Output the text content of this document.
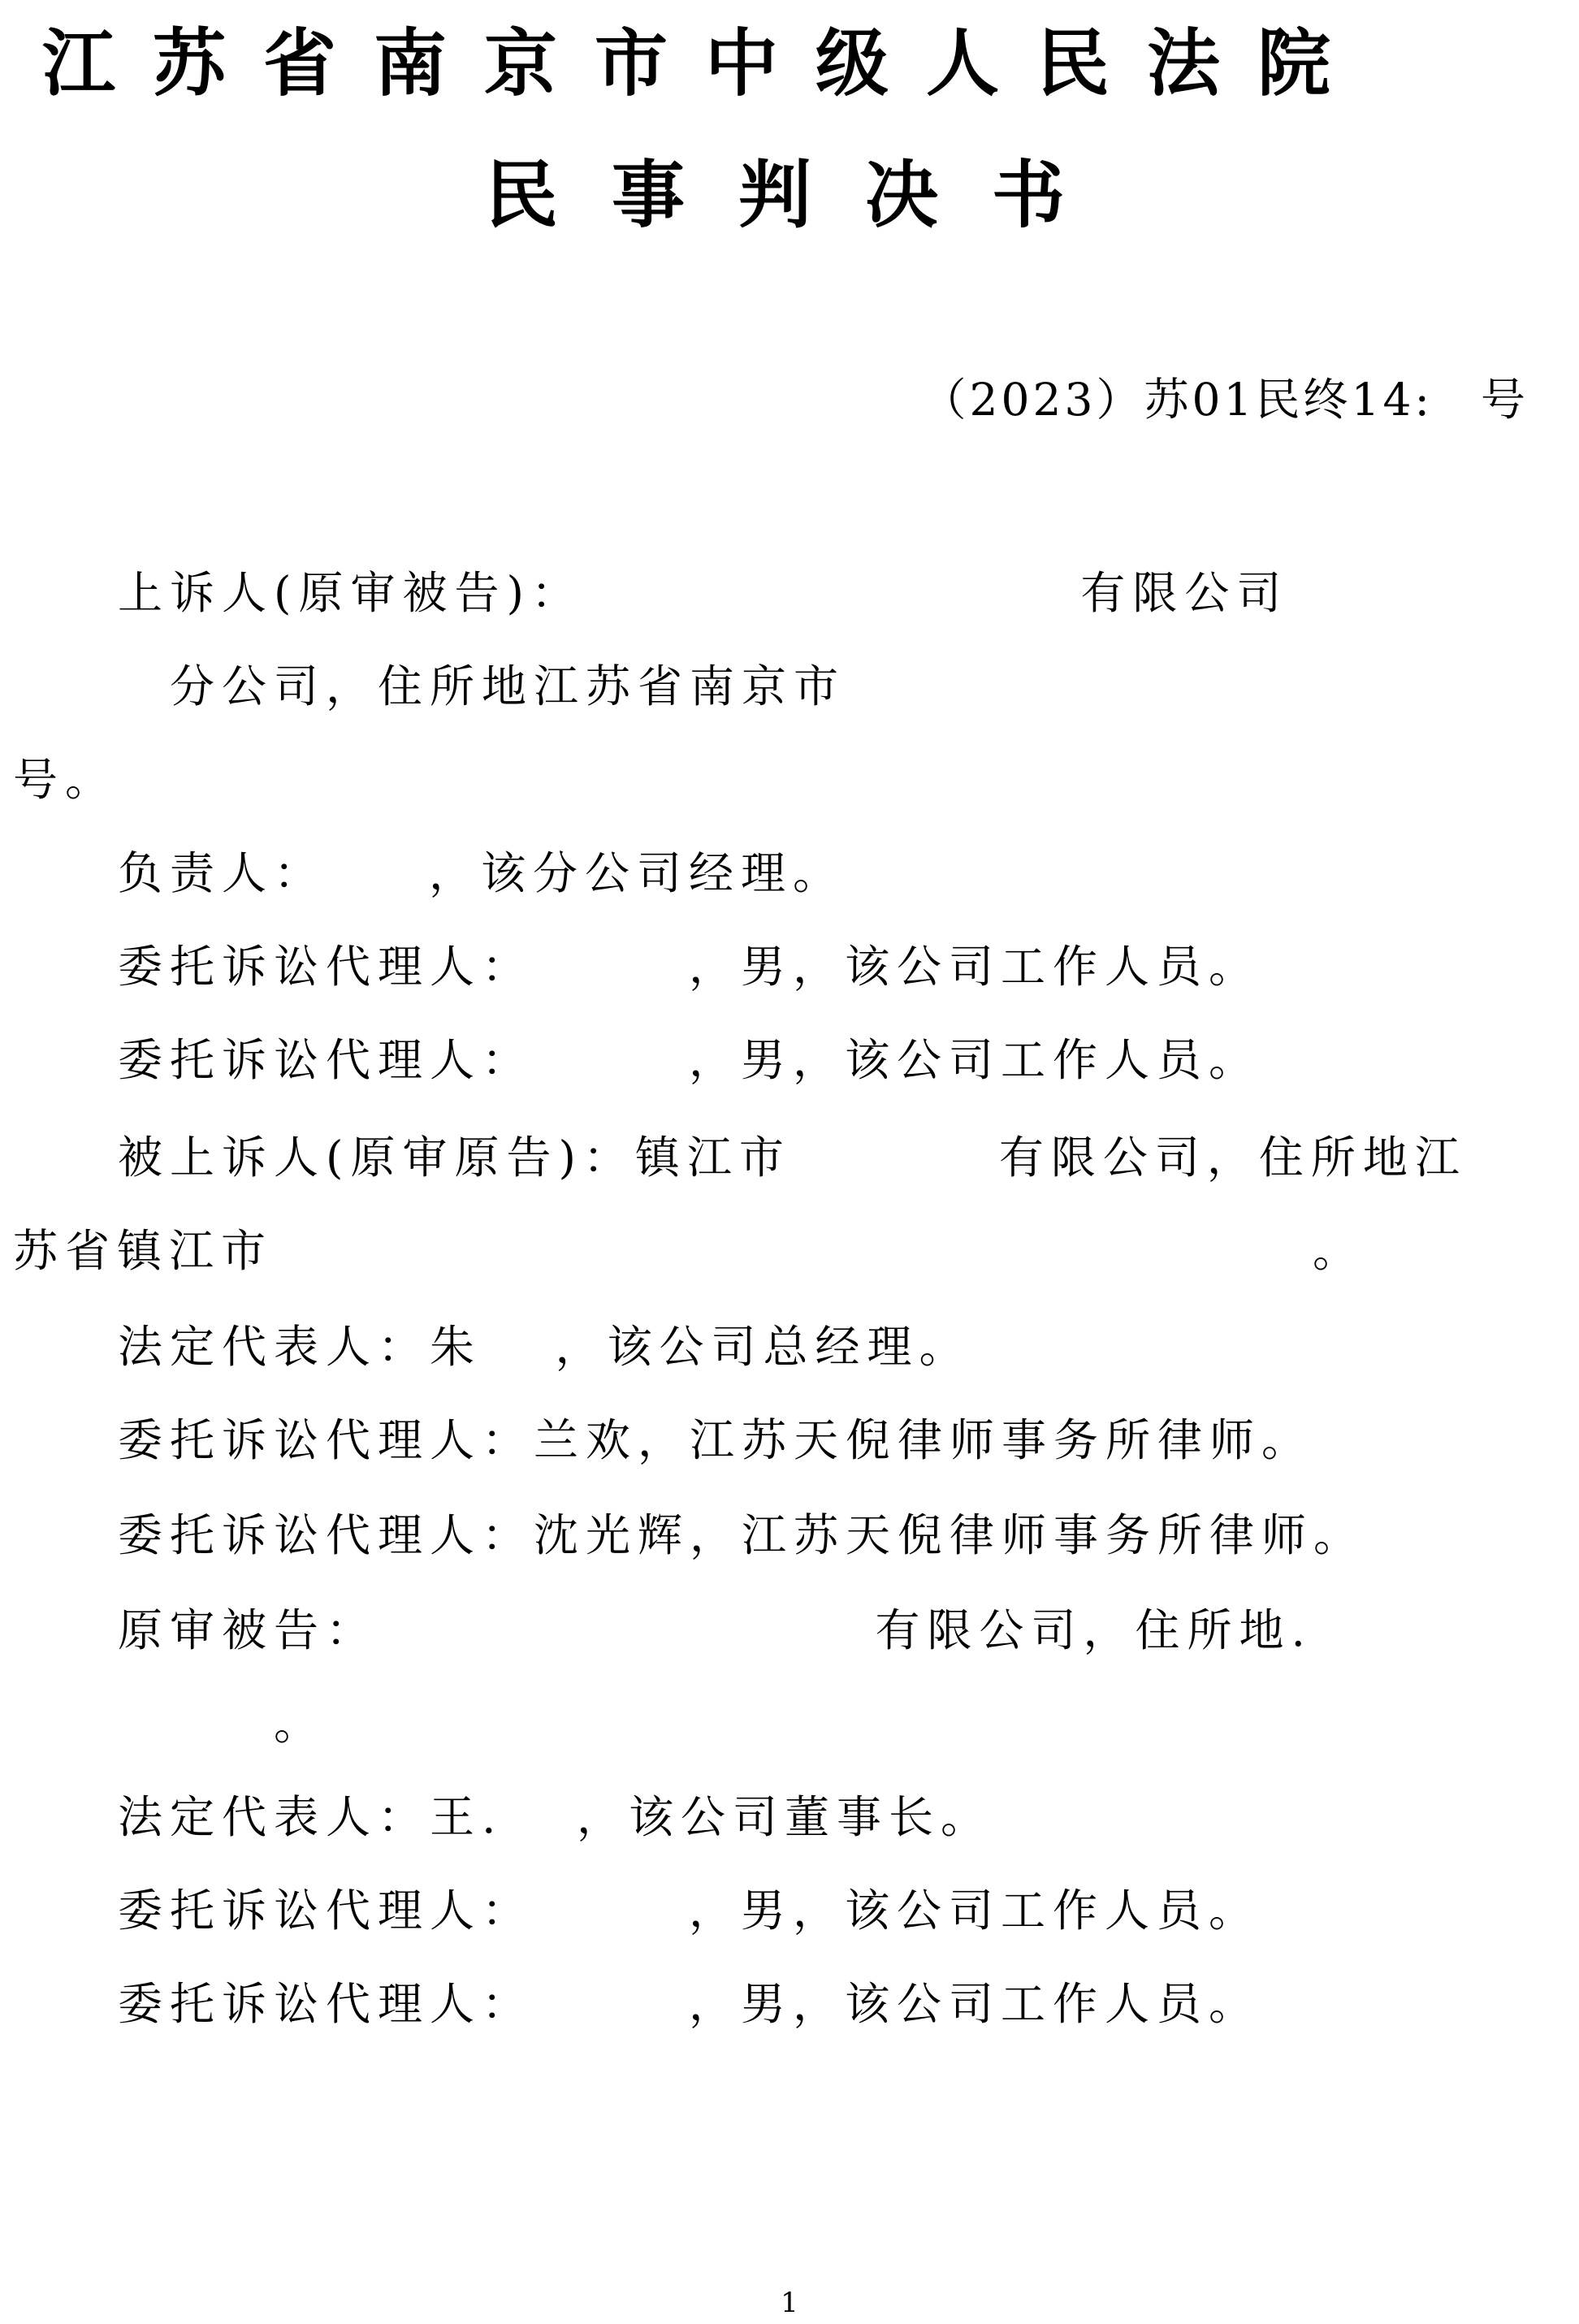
江苏省南京市中级人民法院
民事判决书

（2023）苏01民终14:　号

上诉人(原审被告)：　　　　　　　　　　有限公司

　分公司，住所地江苏省南京市

号。

负责人：　　 ，该分公司经理。

委托诉讼代理人：　　　 ，男，该公司工作人员。

委托诉讼代理人：　　　 ，男，该公司工作人员。

被上诉人(原审原告)：镇江市　　　　有限公司，住所地江

苏省镇江市　　　　　　　　　　　　　　　　　　　　。

法定代表人：朱　 ，该公司总经理。

委托诉讼代理人：兰欢，江苏天倪律师事务所律师。

委托诉讼代理人：沈光辉，江苏天倪律师事务所律师。

原审被告：　　　　　　　　　　有限公司，住所地.

　　　。

法定代表人：王.　 ，该公司董事长。

委托诉讼代理人：　　　 ，男，该公司工作人员。

委托诉讼代理人：　　　 ，男，该公司工作人员。

1
